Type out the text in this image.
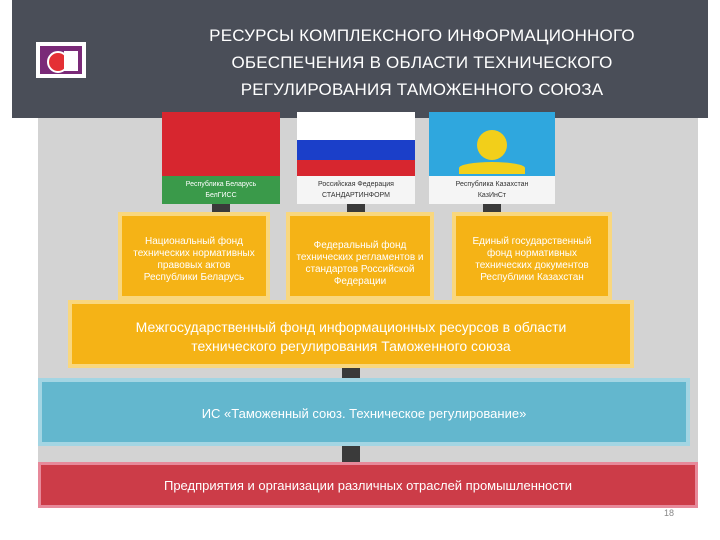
РЕСУРСЫ КОМПЛЕКСНОГО ИНФОРМАЦИОННОГО
ОБЕСПЕЧЕНИЯ В ОБЛАСТИ ТЕХНИЧЕСКОГО
РЕГУЛИРОВАНИЯ ТАМОЖЕННОГО СОЮЗА
Республика Беларусь
БелГИСС
Российская Федерация
СТАНДАРТИНФОРМ
Республика Казахстан
КазИнСт
Национальный фонд
технических нормативных
правовых актов
Республики Беларусь
Федеральный фонд
технических регламентов и
стандартов Российской
Федерации
Единый государственный
фонд нормативных
технических документов
Республики Казахстан
Межгосударственный фонд информационных ресурсов в области
технического регулирования Таможенного союза
ИС «Таможенный союз. Техническое регулирование»
Предприятия и организации различных отраслей промышленности
18
